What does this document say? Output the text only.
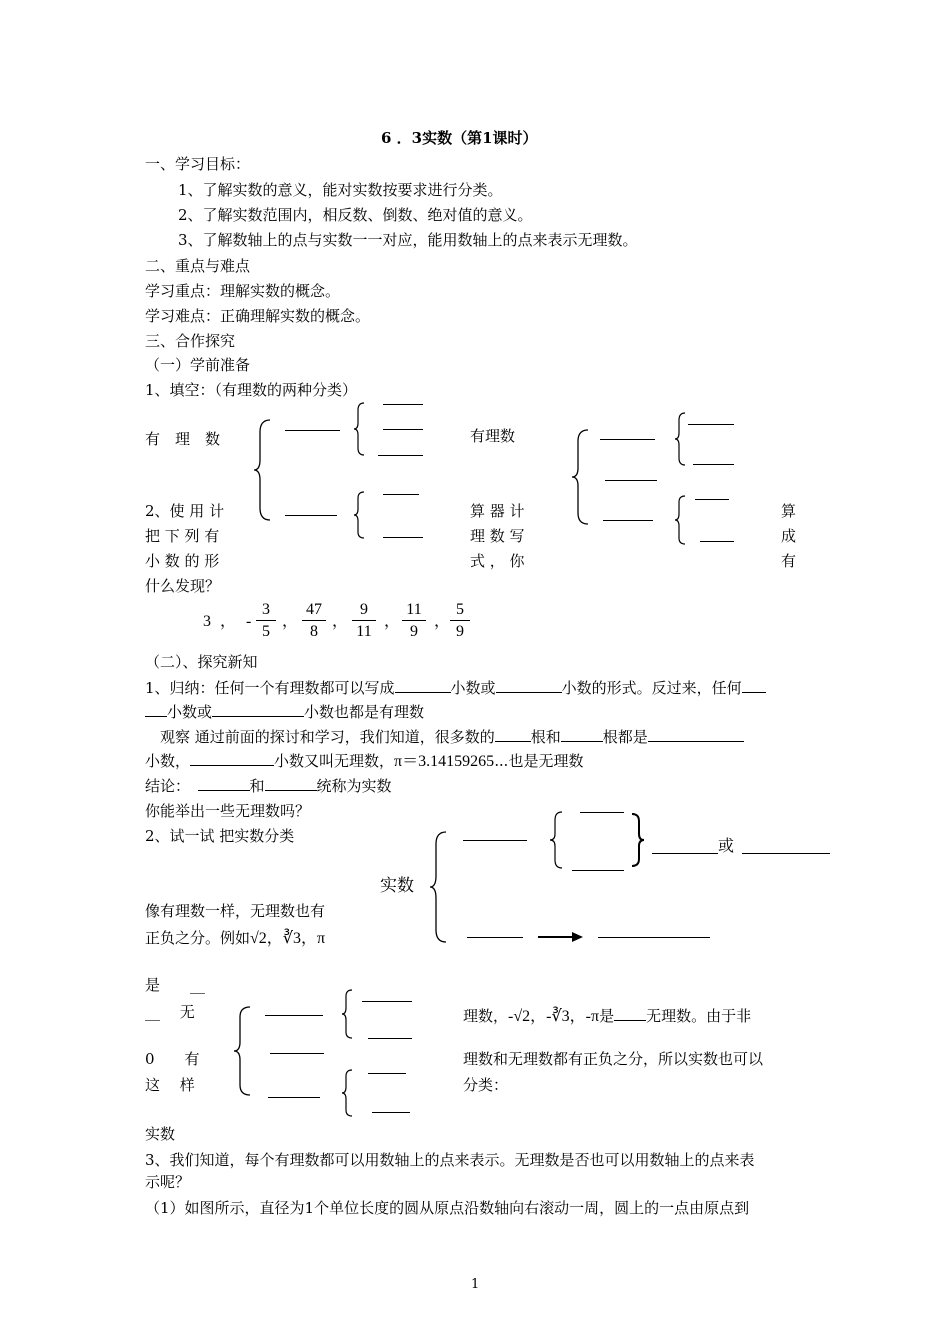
6 ．3实数（第1课时）
一、学习目标：
1、了解实数的意义，能对实数按要求进行分类。
2、了解实数范围内，相反数、倒数、绝对值的意义。
3、了解数轴上的点与实数一一对应，能用数轴上的点来表示无理数。
二、重点与难点
学习重点：理解实数的概念。
学习难点：正确理解实数的概念。
三、合作探究
（一）学前准备
1、填空：（有理数的两种分类）
有　理　数	有理数
2、使 用 计
把 下 列 有
小 数 的 形
算 器 计
理 数 写
式 ， 你
算
成
有
什么发现？
3 ， -
3
5
，
47
8
，
9
11
，
11
9
，
5
9
（二）、探究新知
1、归纳：任何一个有理数都可以写成	小数或	小数的形式。反过来，任何
小数或	小数也都是有理数
观察 通过前面的探讨和学习，我们知道，很多数的 根和	根都是
小数，	小数又叫无理数，π＝3.14159265⋯也是无理数
结论：　	和	统称为实数
你能举出一些无理数吗？
2、试一试 把实数分类
实数
或
像有理数一样，无理数也有
正负之分。例如√2，∛3，π
是　　__
__　 无
0　　有
这　 样
理数，-√2，-∛3，-π是 无理数。由于非
理数和无理数都有正负之分，所以实数也可以
分类：
实数
3、我们知道，每个有理数都可以用数轴上的点来表示。无理数是否也可以用数轴上的点来表
示呢？
（1）如图所示，直径为1个单位长度的圆从原点沿数轴向右滚动一周，圆上的一点由原点到
1
